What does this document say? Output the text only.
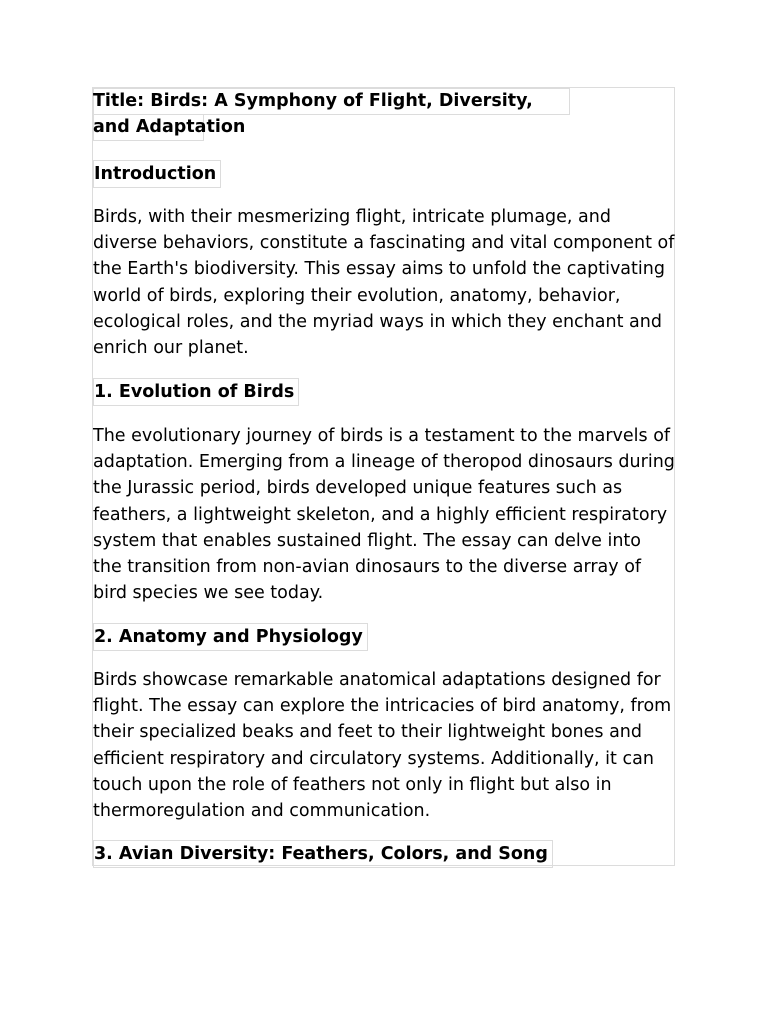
Title: Birds: A Symphony of Flight, Diversity, and Adaptation
Introduction

Birds, with their mesmerizing flight, intricate plumage, and diverse behaviors, constitute a fascinating and vital component of the Earth's biodiversity. This essay aims to unfold the captivating world of birds, exploring their evolution, anatomy, behavior, ecological roles, and the myriad ways in which they enchant and enrich our planet.

1. Evolution of Birds

The evolutionary journey of birds is a testament to the marvels of adaptation. Emerging from a lineage of theropod dinosaurs during the Jurassic period, birds developed unique features such as feathers, a lightweight skeleton, and a highly efficient respiratory system that enables sustained flight. The essay can delve into the transition from non-avian dinosaurs to the diverse array of bird species we see today.

2. Anatomy and Physiology

Birds showcase remarkable anatomical adaptations designed for flight. The essay can explore the intricacies of bird anatomy, from their specialized beaks and feet to their lightweight bones and efficient respiratory and circulatory systems. Additionally, it can touch upon the role of feathers not only in flight but also in thermoregulation and communication.

3. Avian Diversity: Feathers, Colors, and Song
